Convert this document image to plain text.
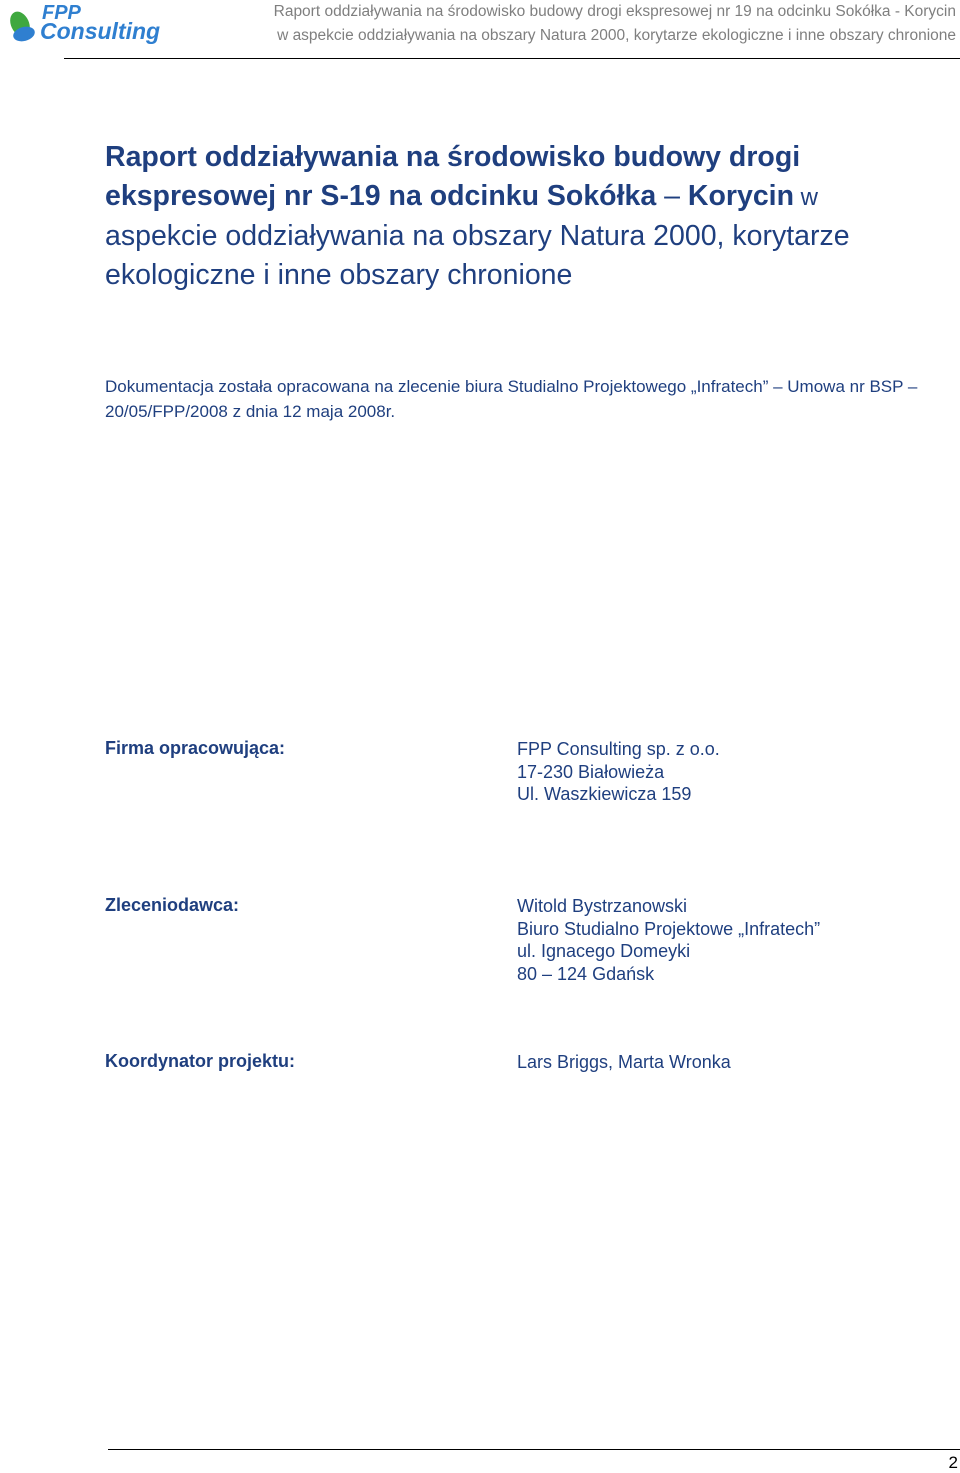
FPP
Consulting
Raport oddziaływania na środowisko budowy drogi ekspresowej nr 19 na odcinku Sokółka - Korycin
w aspekcie oddziaływania na obszary Natura 2000, korytarze ekologiczne i inne obszary chronione
Raport oddziaływania na środowisko budowy drogi ekspresowej nr S-19 na odcinku Sokółka – Korycin w aspekcie oddziaływania na obszary Natura 2000, korytarze ekologiczne i inne obszary chronione
Dokumentacja została opracowana na zlecenie biura Studialno Projektowego „Infratech” – Umowa nr BSP – 20/05/FPP/2008 z dnia 12 maja 2008r.
Firma opracowująca:	FPP Consulting sp. z o.o.
17-230 Białowieża
Ul. Waszkiewicza 159
Zleceniodawca:	Witold Bystrzanowski
Biuro Studialno Projektowe „Infratech”
ul. Ignacego Domeyki
80 – 124 Gdańsk
Koordynator projektu:	Lars Briggs, Marta Wronka
2
